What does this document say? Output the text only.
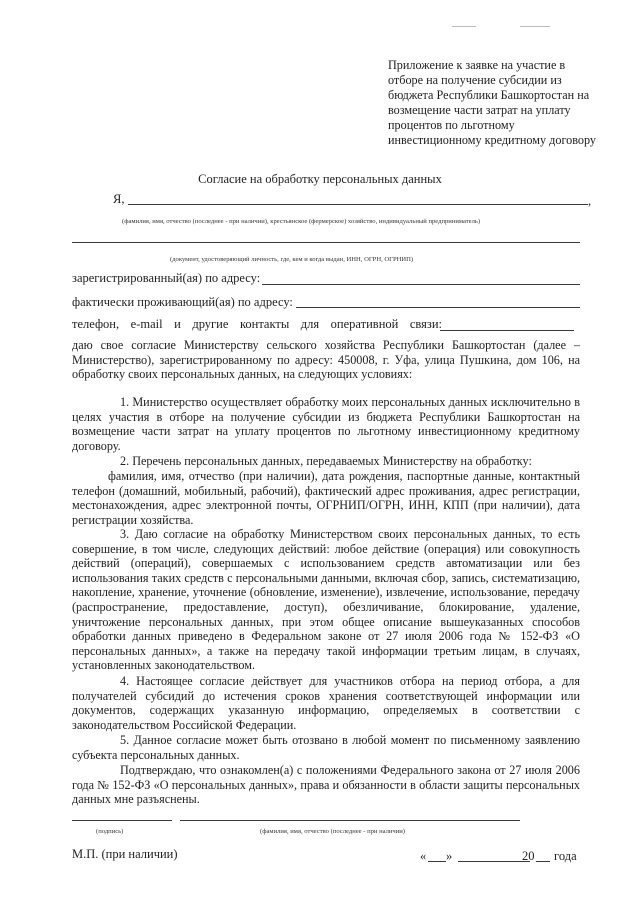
Приложение к заявке на участие в отборе на получение субсидии из бюджета Республики Башкортостан на возмещение части затрат на уплату процентов по льготному инвестиционному кредитному договору
Согласие на обработку персональных данных
Я,	,
(фамилия, имя, отчество (последнее - при наличии), крестьянское (фермерское) хозяйство, индивидуальный предприниматель)
(документ, удостоверяющий личность, где, кем и когда выдан, ИНН, ОГРН, ОГРНИП)
зарегистрированный(ая) по адресу:
фактически проживающий(ая) по адресу:
телефон, e-mail и другие контакты для оперативной связи:

даю свое согласие Министерству сельского хозяйства Республики Башкортостан (далее – Министерство), зарегистрированному по адресу: 450008, г. Уфа, улица Пушкина, дом 106, на обработку своих персональных данных, на следующих условиях:

1. Министерство осуществляет обработку моих персональных данных исключительно в целях участия в отборе на получение субсидии из бюджета Республики Башкортостан на возмещение части затрат на уплату процентов по льготному инвестиционному кредитному договору.

2. Перечень персональных данных, передаваемых Министерству на обработку:

фамилия, имя, отчество (при наличии), дата рождения, паспортные данные, контактный телефон (домашний, мобильный, рабочий), фактический адрес проживания, адрес регистрации, местонахождения, адрес электронной почты, ОГРНИП/ОГРН, ИНН, КПП (при наличии), дата регистрации хозяйства.

3. Даю согласие на обработку Министерством своих персональных данных, то есть совершение, в том числе, следующих действий: любое действие (операция) или совокупность действий (операций), совершаемых с использованием средств автоматизации или без использования таких средств с персональными данными, включая сбор, запись, систематизацию, накопление, хранение, уточнение (обновление, изменение), извлечение, использование, передачу (распространение, предоставление, доступ), обезличивание, блокирование, удаление, уничтожение персональных данных, при этом общее описание вышеуказанных способов обработки данных приведено в Федеральном законе от 27 июля 2006 года № 152-ФЗ «О персональных данных», а также на передачу такой информации третьим лицам, в случаях, установленных законодательством.

4. Настоящее согласие действует для участников отбора на период отбора, а для получателей субсидий до истечения сроков хранения соответствующей информации или документов, содержащих указанную информацию, определяемых в соответствии с законодательством Российской Федерации.

5. Данное согласие может быть отозвано в любой момент по письменному заявлению субъекта персональных данных.

Подтверждаю, что ознакомлен(а) с положениями Федерального закона от 27 июля 2006 года № 152-ФЗ «О персональных данных», права и обязанности в области защиты персональных данных мне разъяснены.

(подпись)	(фамилия, имя, отчество (последнее - при наличии)
М.П. (при наличии)	« »	20 года
